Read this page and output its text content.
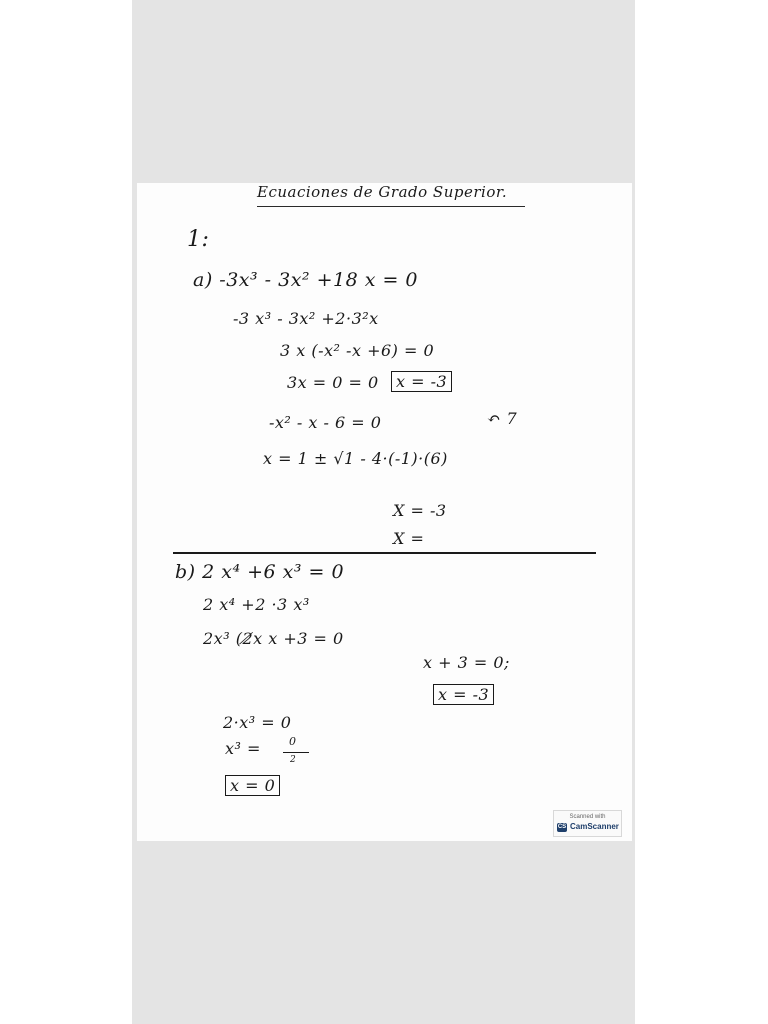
Ecuaciones de Grado Superior.
1:
a) -3x³ - 3x² +18 x = 0
-3 x³ - 3x² +2·3²x
3 x (-x² -x +6) = 0
3x = 0 = 0	x = -3
-x² - x - 6 = 0	↶ 7
x = 1 ± √1 - 4·(-1)·(6)
X = -3
X =
b) 2 x⁴ +6 x³ = 0
2 x⁴ +2 ·3 x³
2x³ (2̸x x +3 = 0
x + 3 = 0;
x = -3
2·x³ = 0
x³ =	0
2
x = 0
Scanned with
CS CamScanner
